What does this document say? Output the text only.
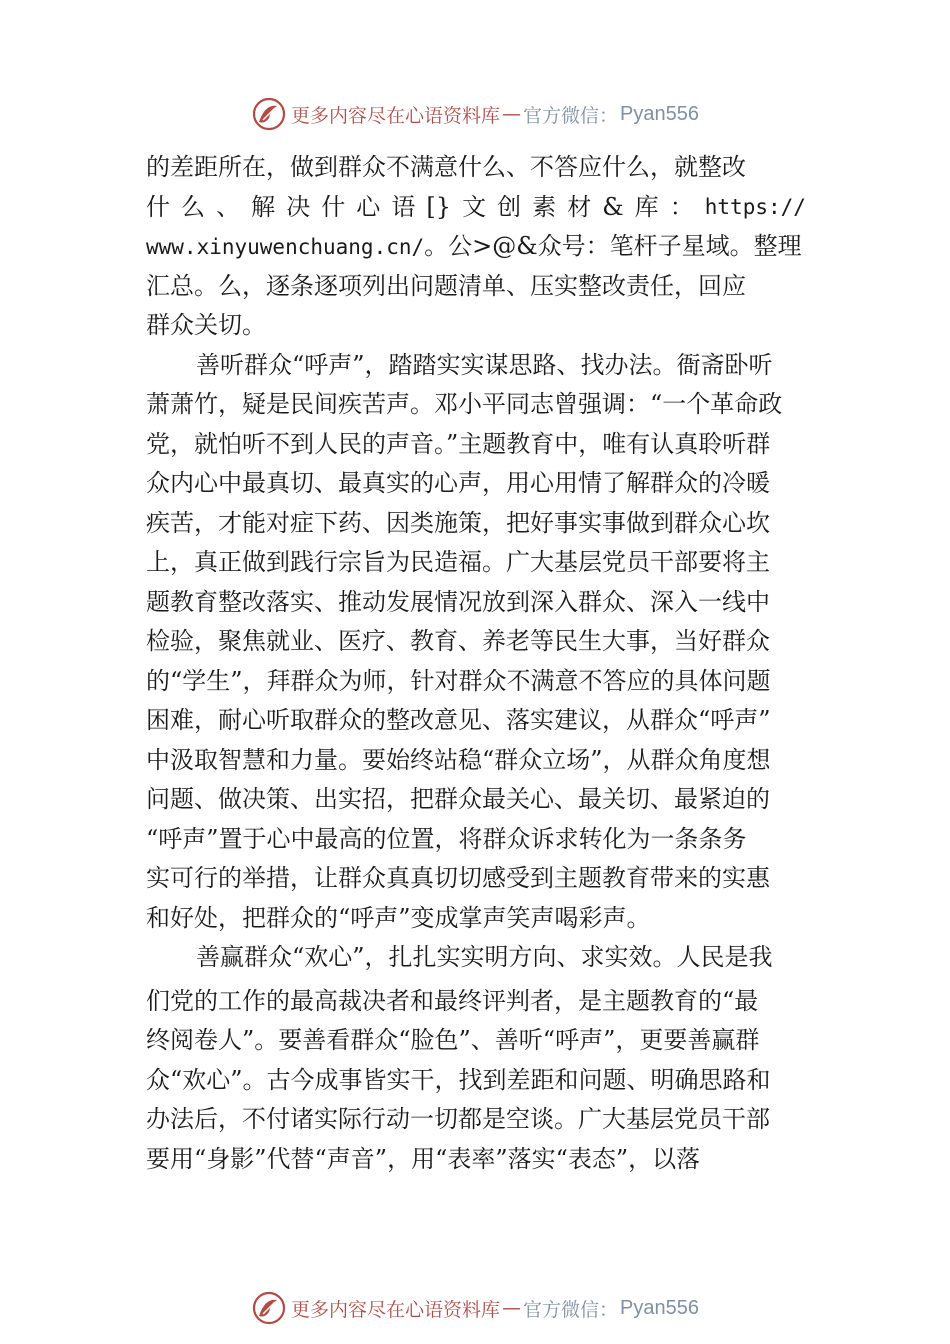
更多内容尽在心语资料库 — 官方微信： Pyan556
的差距所在，做到群众不满意什么、不答应什么，就整改
什 么 、 解 决 什 心 语 [} 文 创 素 材 & 库 ： https://
www.xinyuwenchuang.cn/。公>@&众号：笔杆子星域。整理
汇总。么，逐条逐项列出问题清单、压实整改责任，回应
群众关切。
善听群众“呼声”，踏踏实实谋思路、找办法。衙斋卧听
萧萧竹，疑是民间疾苦声。邓小平同志曾强调：“一个革命政
党，就怕听不到人民的声音。”主题教育中，唯有认真聆听群
众内心中最真切、最真实的心声，用心用情了解群众的冷暖
疾苦，才能对症下药、因类施策，把好事实事做到群众心坎
上，真正做到践行宗旨为民造福。广大基层党员干部要将主
题教育整改落实、推动发展情况放到深入群众、深入一线中
检验，聚焦就业、医疗、教育、养老等民生大事，当好群众
的“学生”，拜群众为师，针对群众不满意不答应的具体问题
困难，耐心听取群众的整改意见、落实建议，从群众“呼声”
中汲取智慧和力量。要始终站稳“群众立场”，从群众角度想
问题、做决策、出实招，把群众最关心、最关切、最紧迫的
“呼声”置于心中最高的位置，将群众诉求转化为一条条务
实可行的举措，让群众真真切切感受到主题教育带来的实惠
和好处，把群众的“呼声”变成掌声笑声喝彩声。
善赢群众“欢心”，扎扎实实明方向、求实效。人民是我
们党的工作的最高裁决者和最终评判者，是主题教育的“最
终阅卷人”。要善看群众“脸色”、善听“呼声”，更要善赢群
众“欢心”。古今成事皆实干，找到差距和问题、明确思路和
办法后，不付诸实际行动一切都是空谈。广大基层党员干部
要用“身影”代替“声音”，用“表率”落实“表态”，以落
更多内容尽在心语资料库 — 官方微信： Pyan556
